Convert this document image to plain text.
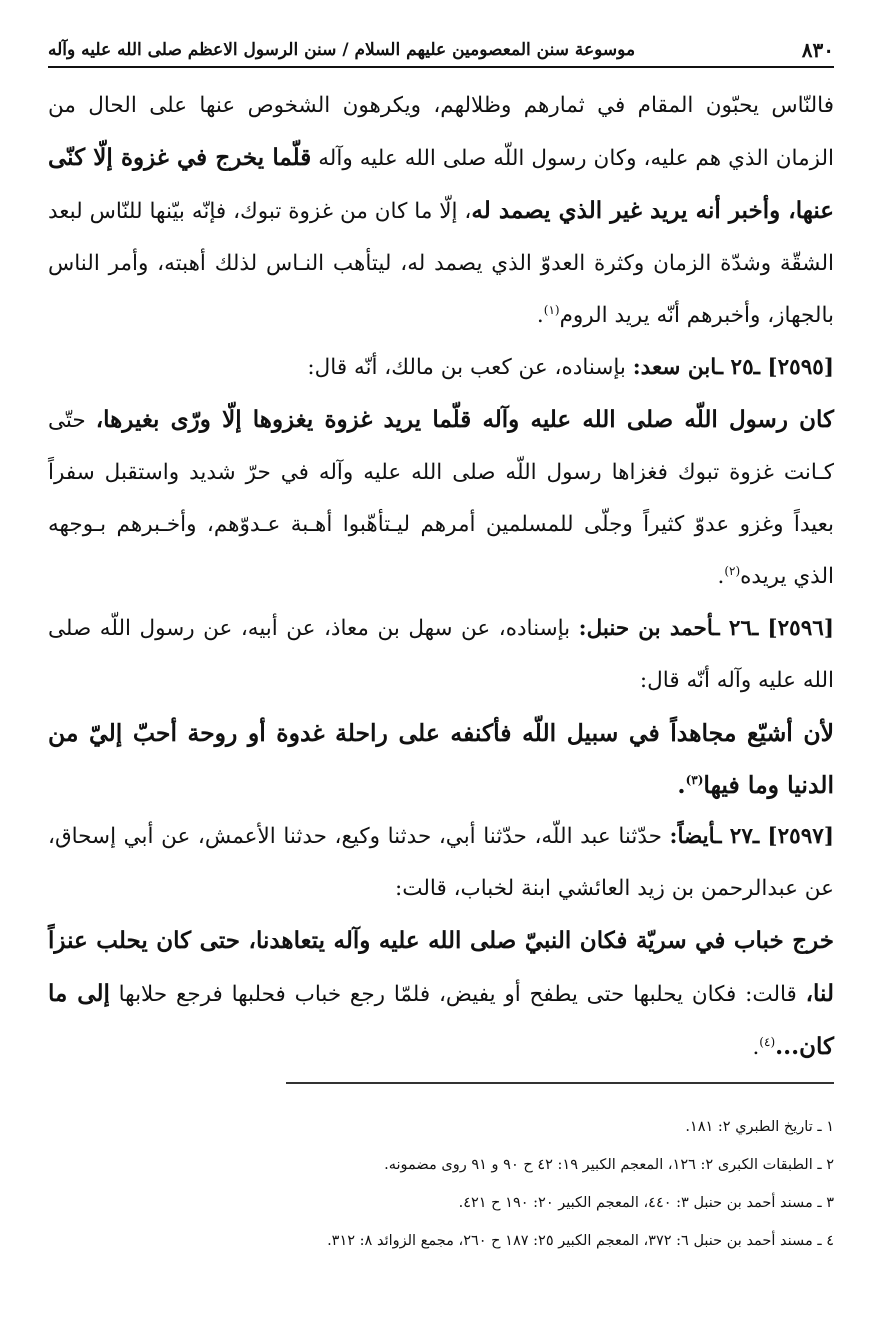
موسوعة سنن المعصومين عليهم السلام / سنن الرسول الاعظم صلى الله عليه وآله	٨٣٠

فالنّاس يحبّون المقام في ثمارهم وظلالهم، ويكرهون الشخوص عنها على الحال من الزمان الذي هم عليه، وكان رسول اللّه صلى الله عليه وآله قلّما يخرج في غزوة إلّا كنّى عنها، وأخبر أنه يريد غير الذي يصمد له، إلّا ما كان من غزوة تبوك، فإنّه بيّنها للنّاس لبعد الشقّة وشدّة الزمان وكثرة العدوّ الذي يصمد له، ليتأهب النـاس لذلك أهبته، وأمر الناس بالجهاز، وأخبرهم أنّه يريد الروم$^{(١)}$.

[٢٥٩٥] ـ٢٥ ـابن سعد: بإسناده، عن كعب بن مالك، أنّه قال:

كان رسول اللّه صلى الله عليه وآله قلّما يريد غزوة يغزوها إلّا ورّى بغيرها، حتّى كـانت غزوة تبوك فغزاها رسول اللّه صلى الله عليه وآله في حرّ شديد واستقبل سفراً بعيداً وغزو عدوّ كثيراً وجلّى للمسلمين أمرهم ليـتأهّبوا أهـبة عـدوّهم، وأخـبرهم بـوجهه الذي يريده$^{(٢)}$.

[٢٥٩٦] ـ٢٦ ـأحمد بن حنبل: بإسناده، عن سهل بن معاذ، عن أبيه، عن رسول اللّه صلى الله عليه وآله أنّه قال:

لأن أشيّع مجاهداً في سبيل اللّه فأكنفه على راحلة غدوة أو روحة أحبّ إليّ من الدنيا وما فيها$^{(٣)}$.

[٢٥٩٧] ـ٢٧ ـأيضاً: حدّثنا عبد اللّه، حدّثنا أبي، حدثنا وكيع، حدثنا الأعمش، عن أبي إسحاق، عن عبدالرحمن بن زيد العائشي ابنة لخباب، قالت:

خرج خباب في سريّة فكان النبيّ صلى الله عليه وآله يتعاهدنا، حتى كان يحلب عنزاً لنا، قالت: فكان يحلبها حتى يطفح أو يفيض، فلمّا رجع خباب فحلبها فرجع حلابها إلى ما كان...$^{(٤)}$.

١ ـ تاريخ الطبري ٢: ١٨١.

٢ ـ الطبقات الكبرى ٢: ١٢٦، المعجم الكبير ١٩: ٤٢ ح ٩٠ و ٩١ روى مضمونه.

٣ ـ مسند أحمد بن حنبل ٣: ٤٤٠، المعجم الكبير ٢٠: ١٩٠ ح ٤٢١.

٤ ـ مسند أحمد بن حنبل ٦: ٣٧٢، المعجم الكبير ٢٥: ١٨٧ ح ٢٦٠، مجمع الزوائد ٨: ٣١٢.
